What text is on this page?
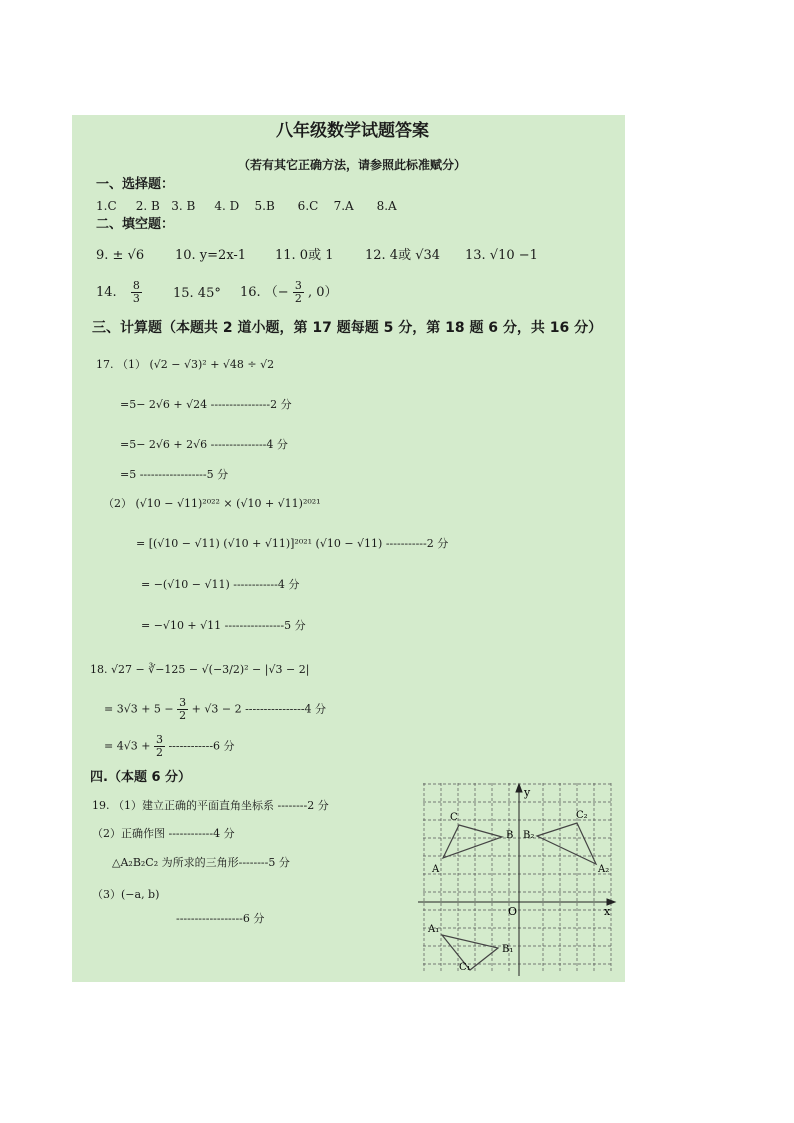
八年级数学试题答案
（若有其它正确方法，请参照此标准赋分）
一、选择题：
1.C     2. B   3. B     4. D    5.B      6.C    7.A      8.A
二、填空题：
9. ± √6 10. y=2x-1 11. 0或 1 12. 4或 √34 13. √10 −1
14. $\frac{8}{3} 15$. 45° 16. （− $\frac{3}{2}$ , 0）
三、计算题（本题共 2 道小题，第 17 题每题 5 分，第 18 题 6 分，共 16 分）
17. （1） (√2 − √3)² + √48 ÷ √2
=5− 2√6 + √24 ----------------2 分
=5− 2√6 + 2√6 ---------------4 分
=5 ------------------5 分
（2） (√10 − √11)²⁰²² × (√10 + √11)²⁰²¹
= [(√10 − √11) (√10 + √11)]²⁰²¹ (√10 − √11) -----------2 分
= −(√10 − √11) ------------4 分
= −√10 + √11 ----------------5 分
18. √27 − ∛−125 − √(−3/2)² − |√3 − 2|
= $3√3 + 5 - \frac{3}{2} + √3 - 2$ ----------------4 分
= $4√3 + \frac{3}{2} ------------6$ 分
四.（本题 6 分）
19. （1）建立正确的平面直角坐标系 --------2 分
（2）正确作图 ------------4 分
△A₂B₂C₂ 为所求的三角形--------5 分
（3）(−a, b)
------------------6 分
y
x
O
A
B
C
A₁
B₁
C₁
A₂
B₂
C₂
